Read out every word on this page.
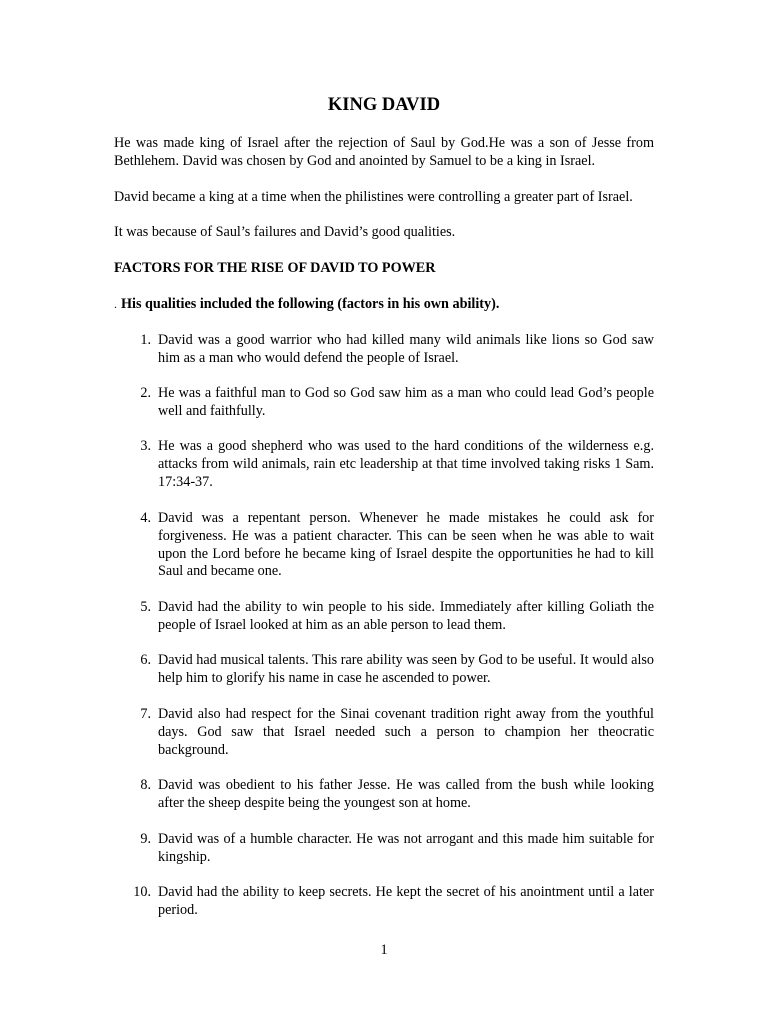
KING DAVID

He was made king of Israel after the rejection of Saul by God.He was a son of Jesse from Bethlehem. David was chosen by God and anointed by Samuel to be a king in Israel.

David became a king at a time when the philistines were controlling a greater part of Israel.

It was because of Saul’s failures and David’s good qualities.

FACTORS FOR THE RISE OF DAVID TO POWER

. His qualities included the following (factors in his own ability).

1. David was a good warrior who had killed many wild animals like lions so God saw him as a man who would defend the people of Israel.
2. He was a faithful man to God so God saw him as a man who could lead God’s people well and faithfully.
3. He was a good shepherd who was used to the hard conditions of the wilderness e.g. attacks from wild animals, rain etc leadership at that time involved taking risks 1 Sam. 17:34-37.
4. David was a repentant person. Whenever he made mistakes he could ask for forgiveness. He was a patient character. This can be seen when he was able to wait upon the Lord before he became king of Israel despite the opportunities he had to kill Saul and became one.
5. David had the ability to win people to his side. Immediately after killing Goliath the people of Israel looked at him as an able person to lead them.
6. David had musical talents. This rare ability was seen by God to be useful. It would also help him to glorify his name in case he ascended to power.
7. David also had respect for the Sinai covenant tradition right away from the youthful days. God saw that Israel needed such a person to champion her theocratic background.
8. David was obedient to his father Jesse. He was called from the bush while looking after the sheep despite being the youngest son at home.
9. David was of a humble character. He was not arrogant and this made him suitable for kingship.
10. David had the ability to keep secrets. He kept the secret of his anointment until a later period.

1
